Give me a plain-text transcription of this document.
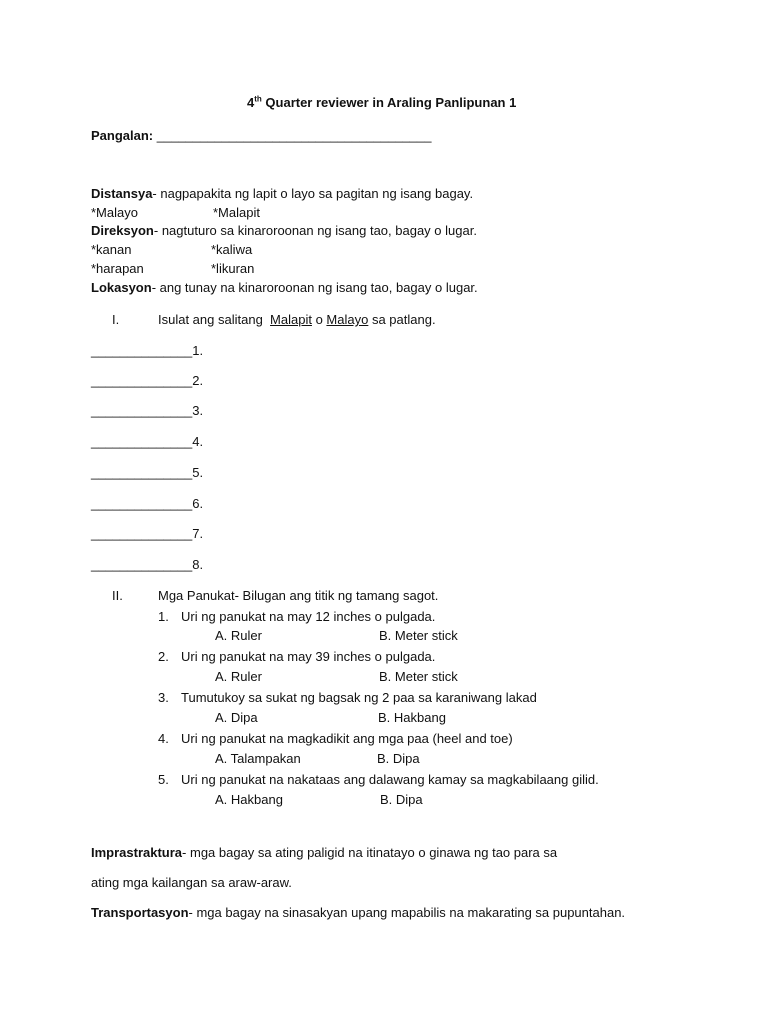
4th Quarter reviewer in Araling Panlipunan 1
Pangalan: ______________________________________
Distansya- nagpapakita ng lapit o layo sa pagitan ng isang bagay.
*Malayo	*Malapit
Direksyon- nagtuturo sa kinaroroonan ng isang tao, bagay o lugar.
*kanan	*kaliwa
*harapan	*likuran
Lokasyon- ang tunay na kinaroroonan ng isang tao, bagay o lugar.
I.	Isulat ang salitang  Malapit o Malayo sa patlang.
______________1.
______________2.
______________3.
______________4.
______________5.
______________6.
______________7.
______________8.
II.	Mga Panukat- Bilugan ang titik ng tamang sagot.
1. Uri ng panukat na may 12 inches o pulgada.
A. Ruler	B. Meter stick
2. Uri ng panukat na may 39 inches o pulgada.
A. Ruler	B. Meter stick
3. Tumutukoy sa sukat ng bagsak ng 2 paa sa karaniwang lakad
A. Dipa	B. Hakbang
4. Uri ng panukat na magkadikit ang mga paa (heel and toe)
A. Talampakan	B. Dipa
5. Uri ng panukat na nakataas ang dalawang kamay sa magkabilaang gilid.
A. Hakbang	B. Dipa
Imprastraktura- mga bagay sa ating paligid na itinatayo o ginawa ng tao para sa
ating mga kailangan sa araw-araw.
Transportasyon- mga bagay na sinasakyan upang mapabilis na makarating sa pupuntahan.
